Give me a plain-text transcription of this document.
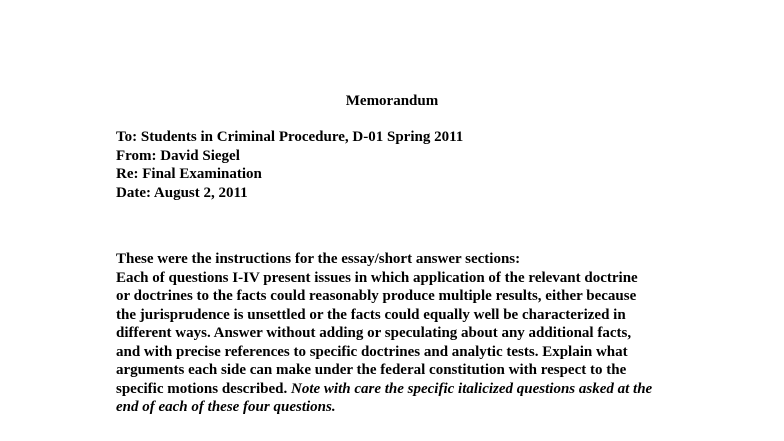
Memorandum
To: Students in Criminal Procedure, D-01 Spring 2011
From: David Siegel
Re: Final Examination
Date: August 2, 2011
These were the instructions for the essay/short answer sections:
Each of questions I-IV present issues in which application of the relevant doctrine
or doctrines to the facts could reasonably produce multiple results, either because
the jurisprudence is unsettled or the facts could equally well be characterized in
different ways. Answer without adding or speculating about any additional facts,
and with precise references to specific doctrines and analytic tests. Explain what
arguments each side can make under the federal constitution with respect to the
specific motions described. Note with care the specific italicized questions asked at the
end of each of these four questions.
